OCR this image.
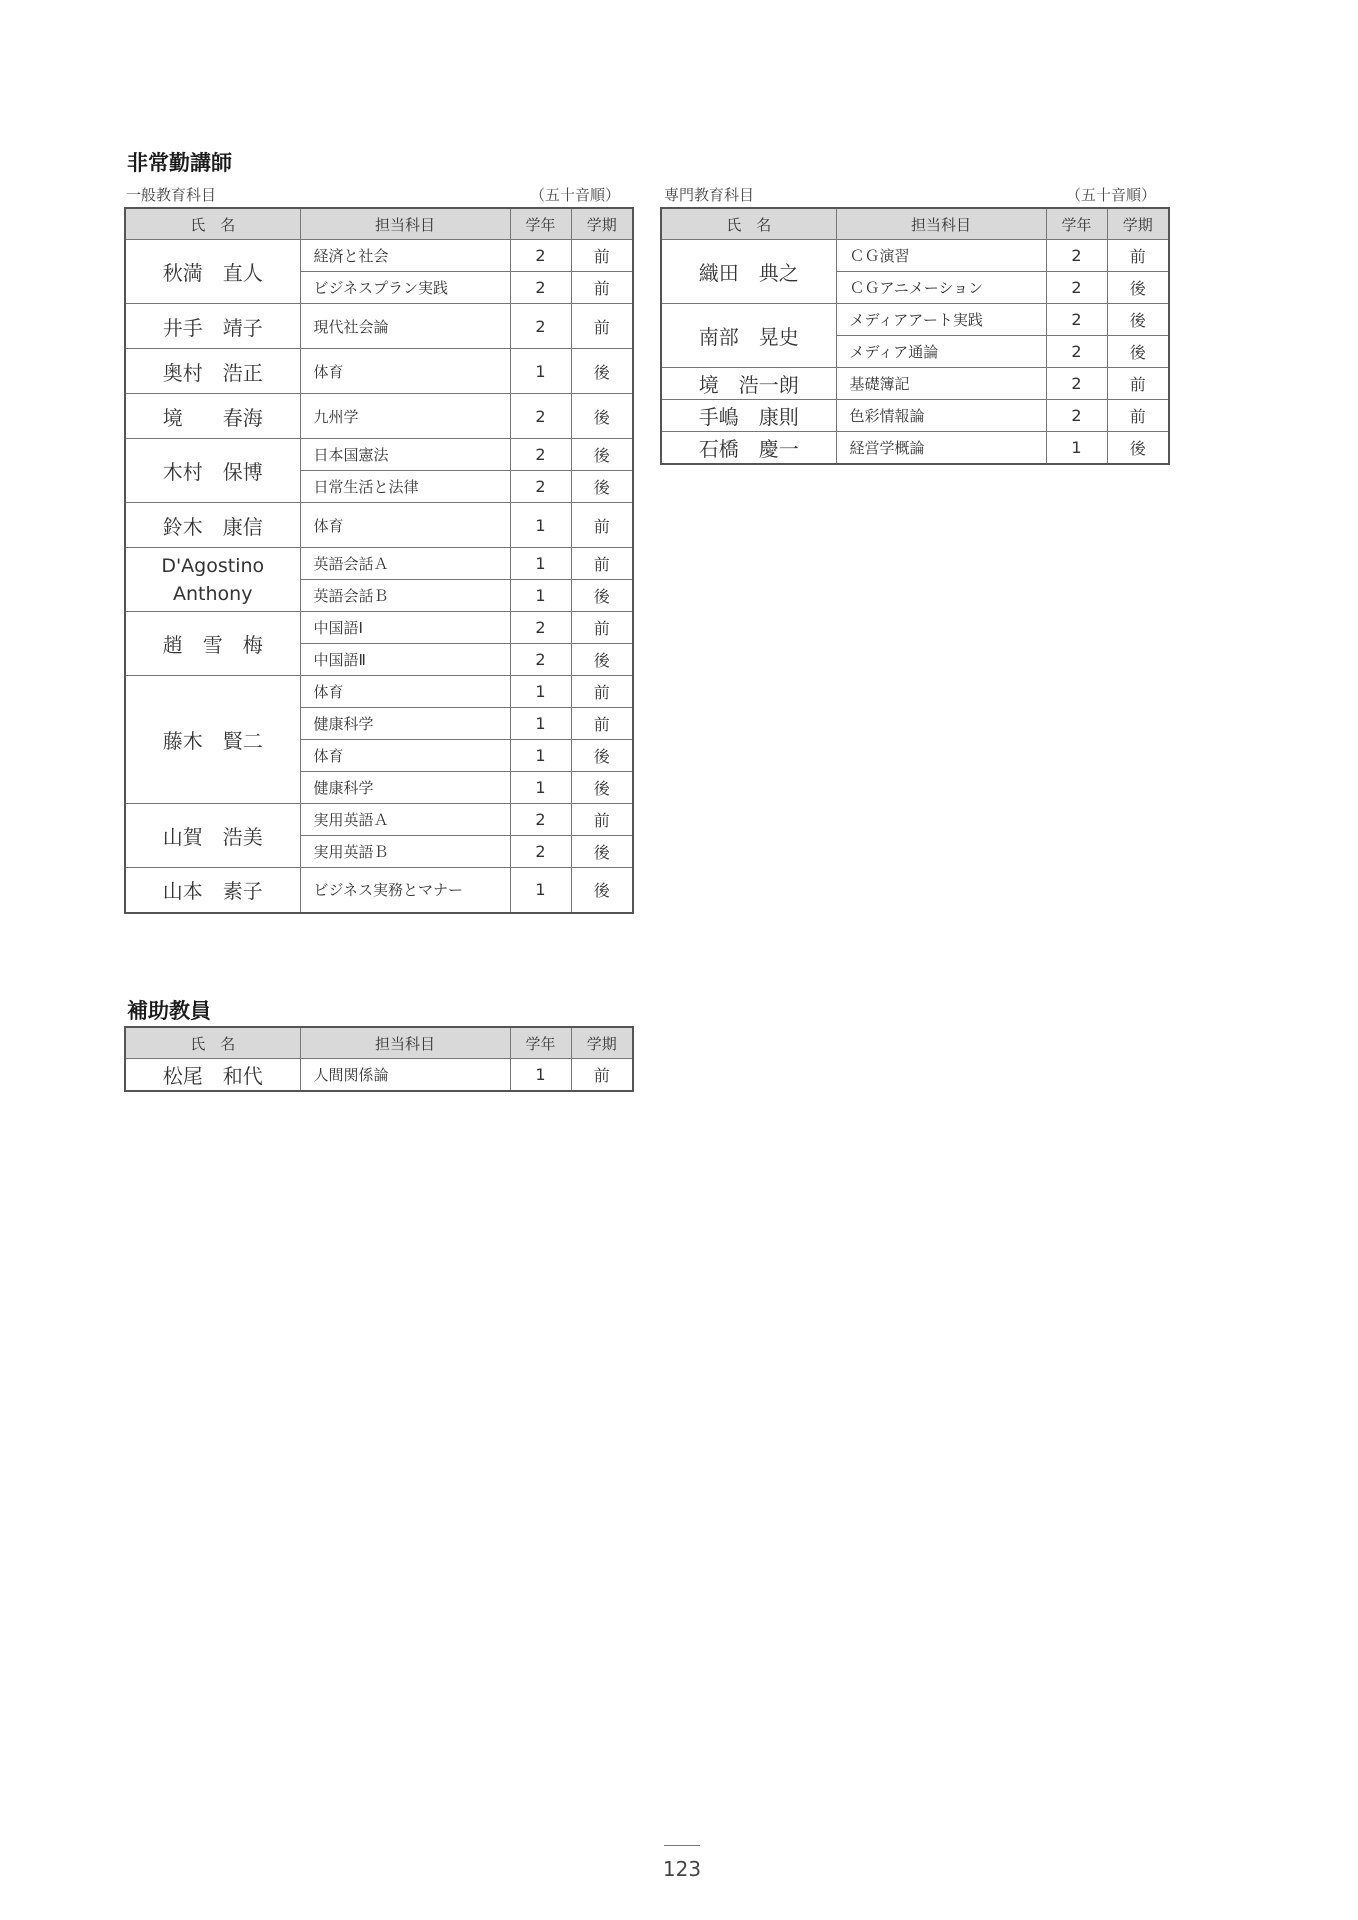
非常勤講師
一般教育科目	（五十音順）
氏　名	担当科目	学年	学期
秋満　直人	経済と社会	2	前
	ビジネスプラン実践	2	前
井手　靖子	現代社会論	2	前
奥村　浩正	体育	1	後
境　　春海	九州学	2	後
木村　保博	日本国憲法	2	後
	日常生活と法律	2	後
鈴木　康信	体育	1	前

D'Agostino
Anthony	英語会話Ａ	1	前
	英語会話Ｂ	1	後
趙　雪　梅	中国語Ⅰ	2	前
	中国語Ⅱ	2	後
藤木　賢二	体育	1	前
	健康科学	1	前
	体育	1	後
	健康科学	1	後
山賀　浩美	実用英語Ａ	2	前
	実用英語Ｂ	2	後
山本　素子	ビジネス実務とマナー	1	後
専門教育科目	（五十音順）
氏　名	担当科目	学年	学期
織田　典之	ＣＧ演習	2	前
	ＣＧアニメーション	2	後
南部　晃史	メディアアート実践	2	後
	メディア通論	2	後
境　浩一朗	基礎簿記	2	前
手嶋　康則	色彩情報論	2	前
石橋　慶一	経営学概論	1	後
補助教員
氏　名	担当科目	学年	学期
松尾　和代	人間関係論	1	前
123
